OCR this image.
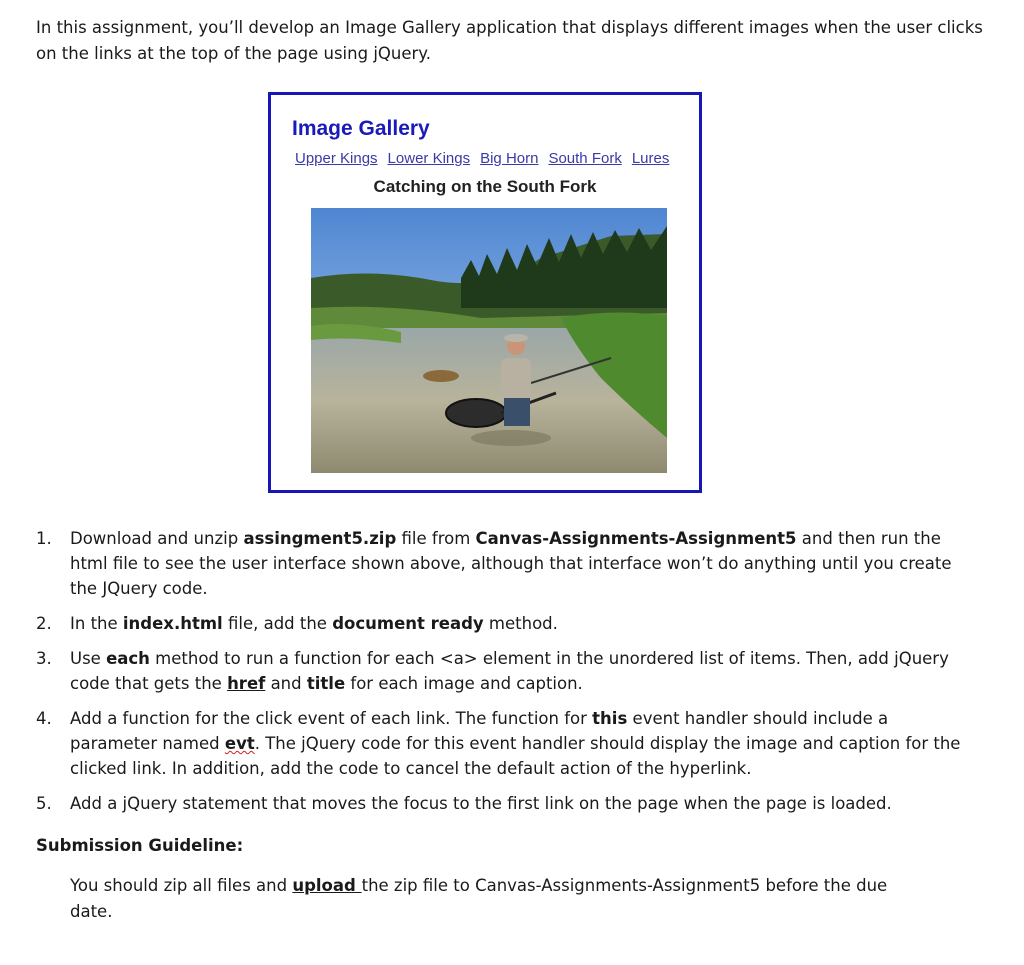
In this assignment, you’ll develop an Image Gallery application that displays different images when the user clicks on the links at the top of the page using jQuery.

Image Gallery
Upper Kings Lower Kings Big Horn South Fork Lures
Catching on the South Fork
1. Download and unzip assingment5.zip file from Canvas-Assignments-Assignment5 and then run the html file to see the user interface shown above, although that interface won’t do anything until you create the JQuery code.
2. In the index.html file, add the document ready method.
3. Use each method to run a function for each <a> element in the unordered list of items. Then, add jQuery code that gets the href and title for each image and caption.
4. Add a function for the click event of each link. The function for this event handler should include a parameter named evt. The jQuery code for this event handler should display the image and caption for the clicked link. In addition, add the code to cancel the default action of the hyperlink.
5. Add a jQuery statement that moves the focus to the first link on the page when the page is loaded.

Submission Guideline:

You should zip all files and upload the zip file to Canvas-Assignments-Assignment5 before the due date.
